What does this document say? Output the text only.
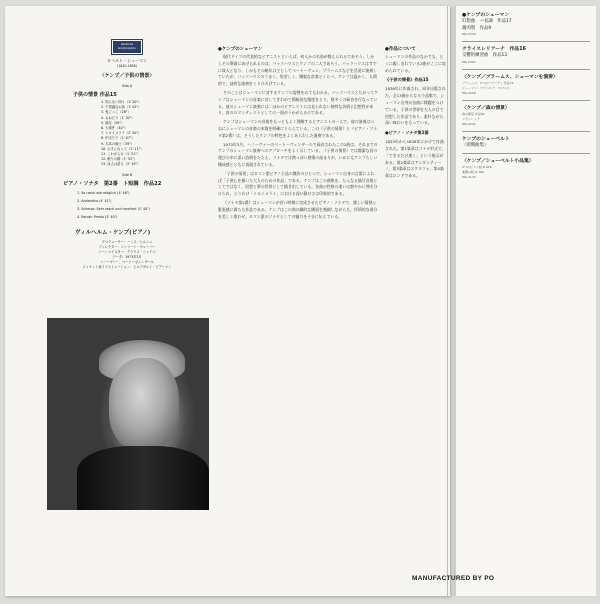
Deutsche
Grammophon
ロベルト・シューマン
(1810-1856)
〈ケンプ／子供の情景〉
Side A
子供の情景 作品15
1. 知らない国々（1' 20"）
2. 不思議なお話（1' 02"）
3. 鬼ごっこ（26"）
4. おねだり（1' 02"）
5. 満足（59"）
6. 大事件（40"）
7. トロイメライ（2' 50"）
8. 炉ばたで（1' 07"）
9. 木馬の騎士（39"）
10. むきになって（1' 11"）
11. こわがらせ（1' 51"）
12. 眠りの精（1' 53"）
13. 詩人は語る（2' 19"）
Side B
ピアノ・ソナタ　第2番　ト短調　作品22
1. So rasch wie möglich (4' 46")
2. Andantino (4' 41")
3. Scherzo: Sehr rasch und markiert (1' 40")
4. Rondo: Presto (5' 40")
ヴィルヘルム・ケンプ(ピアノ)
プロデューサー：ハンス・ヒルシュ
ディレクター：コンラート・ヴェーバー
トーンマイスター：クラウス・シャイベ
データ：1973年3月
ハノーヴァー、ベートーヴェンザール
ジャケット表イラストレーション：ヒルデガルト・ビアーマン
●ケンプのシューマン

現代ドイツの代表的なピアニストといえば、何人かの名前が数えられるであろう。しかしその筆頭にあげられるのは、バックハウスとケンプの二人であろう。バックハウスはすでに故人となり、しかもその晩年は主としてベートーヴェン、ブラームスなどを活発に演奏していたが、バックハウスのうまく、堅苦しく、剛毅な音楽とくらべ、ケンプは温かく、人間的で、詩的な演奏をくりひろげている。

そのことはシューマンに対するケンプの姿勢をみてもわかる。バックハウスとちがってケンプはシューマンの音楽に対してきわめて積極的な態度をとり、数多くの録音を行なっている。彼のシューマン演奏には、ほかのピアニストには見られない独特な詩情と幻想性があり、真のロマンティストとしての一面がうかがえるのである。

ケンプはシューマンの音楽をもっともよく理解するピアニストの一人で、彼の演奏はつねにシューマンの音楽の本質を明確にとらえている。この《子供の情景》と《ピアノ・ソナタ第2番》は、そうしたケンプの特色をよくあらわした演奏である。

1973年3月、ハノーヴァーのベートーヴェンザールで録音されたこの2曲は、それまでのケンプのシューマン演奏へのアプローチをよく示している。《子供の情景》では簡潔な音の運びの中に深い詩情をたたえ、ソナタでは熱っぽい感情の高まりが、いかにもケンプらしい構成感とともに表現されている。

「子供の情景」はロマン派ピアノ小品の傑作のひとつで、シューマン自身の言葉によれば「子供心を描いた大人のための作品」である。ケンプはこの曲集を、たんなる描写音楽としてではなく、回想と夢の世界として描き出している。各曲の性格の違いは鮮やかに弾き分けられ、とりわけ「トロイメライ」における深い静けさは印象的である。

《ソナタ第2番》はシューマンが若い時期に完成させたピアノ・ソナタで、激しい情熱と緊張感に満ちた作品である。ケンプはこの曲の劇的な側面を強調しながらも、抒情的な部分を美しく歌わせ、ロマン派のソナタとしての魅力を十分に伝えている。

●作品について

シューマンの作品のなかでも、とくに親しまれている2曲がここに収められている。

《子供の情景》作品15

1838年に作曲され、同年出版された。全13曲からなる小品集で、シューマン自身が各曲に標題をつけている。子供の世界を大人の目で回想した作品であり、素朴ながら深い味わいをもっている。

●ピアノ・ソナタ第2番

1833年から1838年にかけて作曲された。第1楽章はソナタ形式で、「できるだけ速く」という指示がある。第2楽章はアンダンティーノ、第3楽章はスケルツォ、第4楽章はロンドである。

●ケンプのシューマン
幻想曲　ハ長調　作品17
謝肉祭　作品9
MG-2350
クライスレリアーナ　作品16
交響的練習曲　作品13
MG-2397
〈ケンプ／ブラームス、シューマンを演奏〉
ブラームス：2つのラプソディ 作品79
シューマン：アラベスク、ロマンス
MG-2009
〈ケンプ／森の情景〉
森の情景 作品82
ノヴェレッテ
MG-2042
ケンプのシューベルト
〈即興曲集〉
〈ケンプ／シューベルト小品集〉
3つのピアノ曲 D.946
楽興の時 D.780
MG-2132
MANUFACTURED BY PO
